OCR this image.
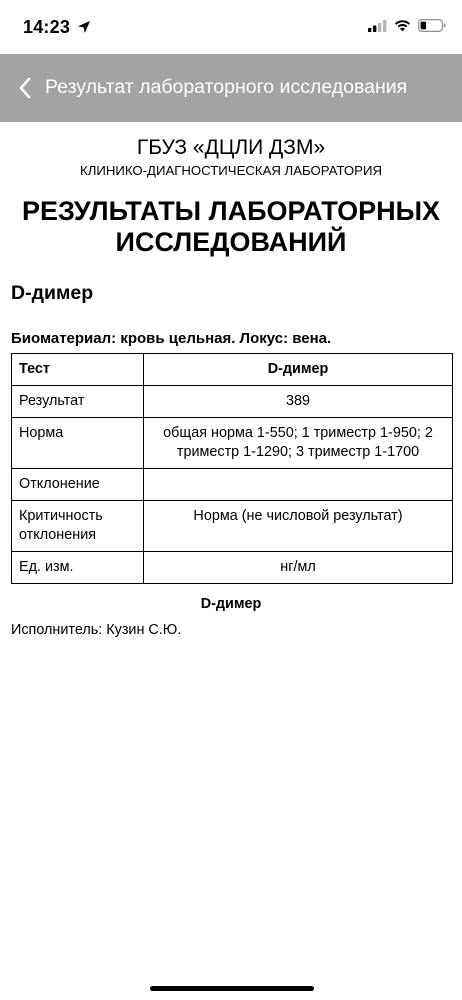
14:23
Результат лабораторного исследования
ГБУЗ «ДЦЛИ ДЗМ»
КЛИНИКО-ДИАГНОСТИЧЕСКАЯ ЛАБОРАТОРИЯ
РЕЗУЛЬТАТЫ ЛАБОРАТОРНЫХ ИССЛЕДОВАНИЙ
D-димер
Биоматериал: кровь цельная. Локус: вена.
Тест	D-димер
Результат	389
Норма	общая норма 1-550; 1 триместр 1-950; 2 триместр 1-1290; 3 триместр 1-1700
Отклонение	
Критичность отклонения	Норма (не числовой результат)
Ед. изм.	нг/мл
D-димер
Исполнитель: Кузин С.Ю.
